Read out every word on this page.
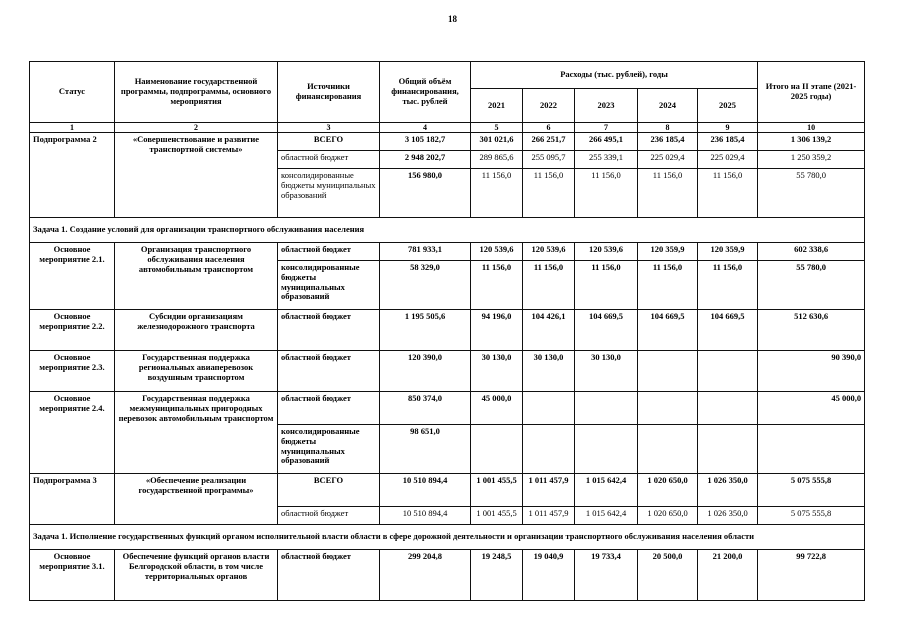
18
Статус	Наименование государственной программы, подпрограммы, основного мероприятия	Источники финансирования	Общий объём финансирования, тыс. рублей	Расходы (тыс. рублей), годы					Итого на II этапе (2021-2025 годы)
				2021	2022	2023	2024	2025	
1	2	3	4	5	6	7	8	9	10
Подпрограмма 2	«Совершенствование и развитие транспортной системы»	ВСЕГО	3 105 182,7	301 021,6	266 251,7	266 495,1	236 185,4	236 185,4	1 306 139,2
		областной бюджет	2 948 202,7	289 865,6	255 095,7	255 339,1	225 029,4	225 029,4	1 250 359,2
		консолидированные бюджеты муниципальных образований	156 980,0	11 156,0	11 156,0	11 156,0	11 156,0	11 156,0	55 780,0
Задача 1. Создание условий для организации транспортного обслуживания населения									
Основное мероприятие 2.1.	Организация транспортного обслуживания населения автомобильным транспортом	областной бюджет	781 933,1	120 539,6	120 539,6	120 539,6	120 359,9	120 359,9	602 338,6
		консолидированные бюджеты муниципальных образований	58 329,0	11 156,0	11 156,0	11 156,0	11 156,0	11 156,0	55 780,0
Основное мероприятие 2.2.	Субсидии организациям железнодорожного транспорта	областной бюджет	1 195 505,6	94 196,0	104 426,1	104 669,5	104 669,5	104 669,5	512 630,6
Основное мероприятие 2.3.	Государственная поддержка региональных авиаперевозок воздушным транспортом	областной бюджет	120 390,0	30 130,0	30 130,0	30 130,0			90 390,0
Основное мероприятие 2.4.	Государственная поддержка межмуниципальных пригородных перевозок автомобильным транспортом	областной бюджет	850 374,0	45 000,0					45 000,0
		консолидированные бюджеты муниципальных образований	98 651,0						
Подпрограмма 3	«Обеспечение реализации государственной программы»	ВСЕГО	10 510 894,4	1 001 455,5	1 011 457,9	1 015 642,4	1 020 650,0	1 026 350,0	5 075 555,8
		областной бюджет	10 510 894,4	1 001 455,5	1 011 457,9	1 015 642,4	1 020 650,0	1 026 350,0	5 075 555,8
Задача 1. Исполнение государственных функций органом исполнительной власти области в сфере дорожной деятельности и организации транспортного обслуживания населения области									
Основное мероприятие 3.1.	Обеспечение функций органов власти Белгородской области, в том числе территориальных органов	областной бюджет	299 204,8	19 248,5	19 040,9	19 733,4	20 500,0	21 200,0	99 722,8
